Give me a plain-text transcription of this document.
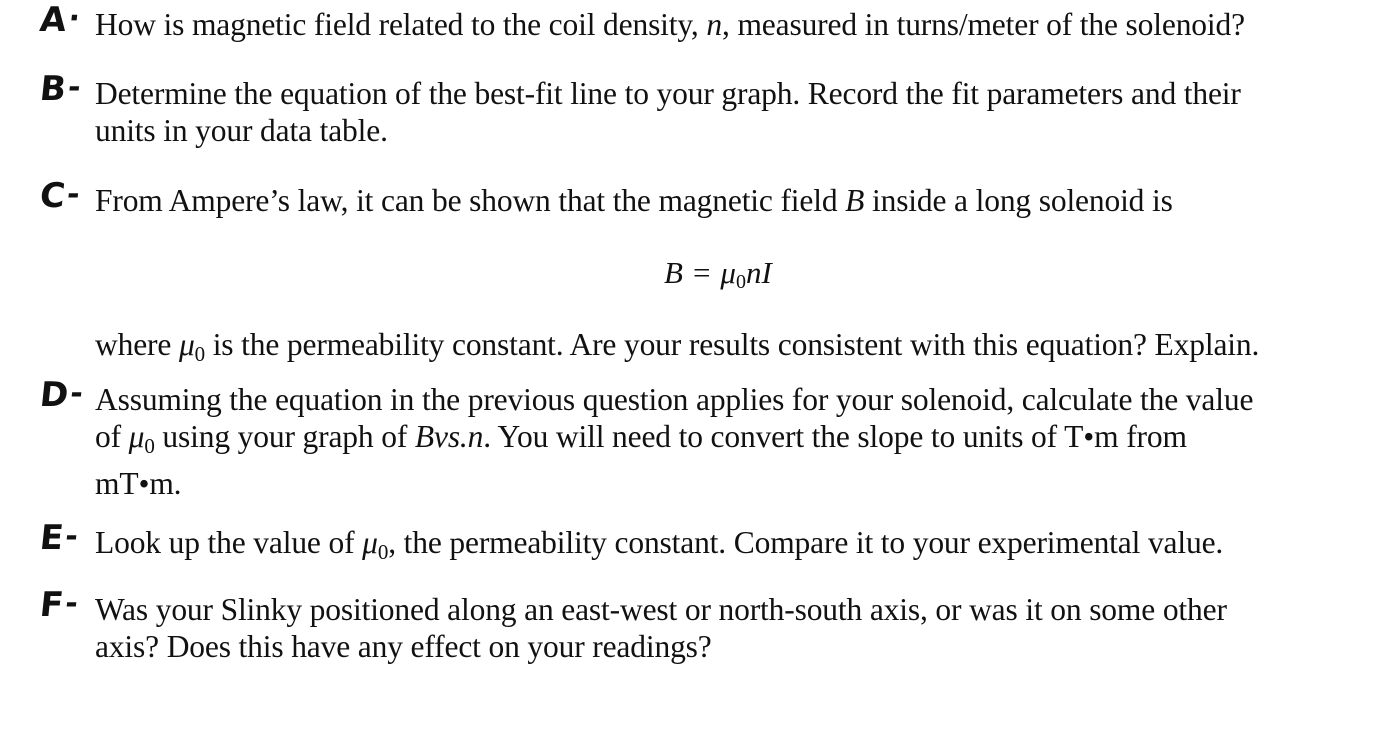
A· How is magnetic field related to the coil density, n, measured in turns/meter of the solenoid?
B- Determine the equation of the best-fit line to your graph. Record the fit parameters and their
units in your data table.
C- From Ampere’s law, it can be shown that the magnetic field B inside a long solenoid is
$B = \mu_0nI$
where $\mu_0$ is the permeability constant. Are your results consistent with this equation? Explain.
D- Assuming the equation in the previous question applies for your solenoid, calculate the value
of $\mu_0$ using your graph of Bvs.n. You will need to convert the slope to units of T•m from
mT•m.
E- Look up the value of $\mu_0$, the permeability constant. Compare it to your experimental value.
F- Was your Slinky positioned along an east-west or north-south axis, or was it on some other
axis? Does this have any effect on your readings?
